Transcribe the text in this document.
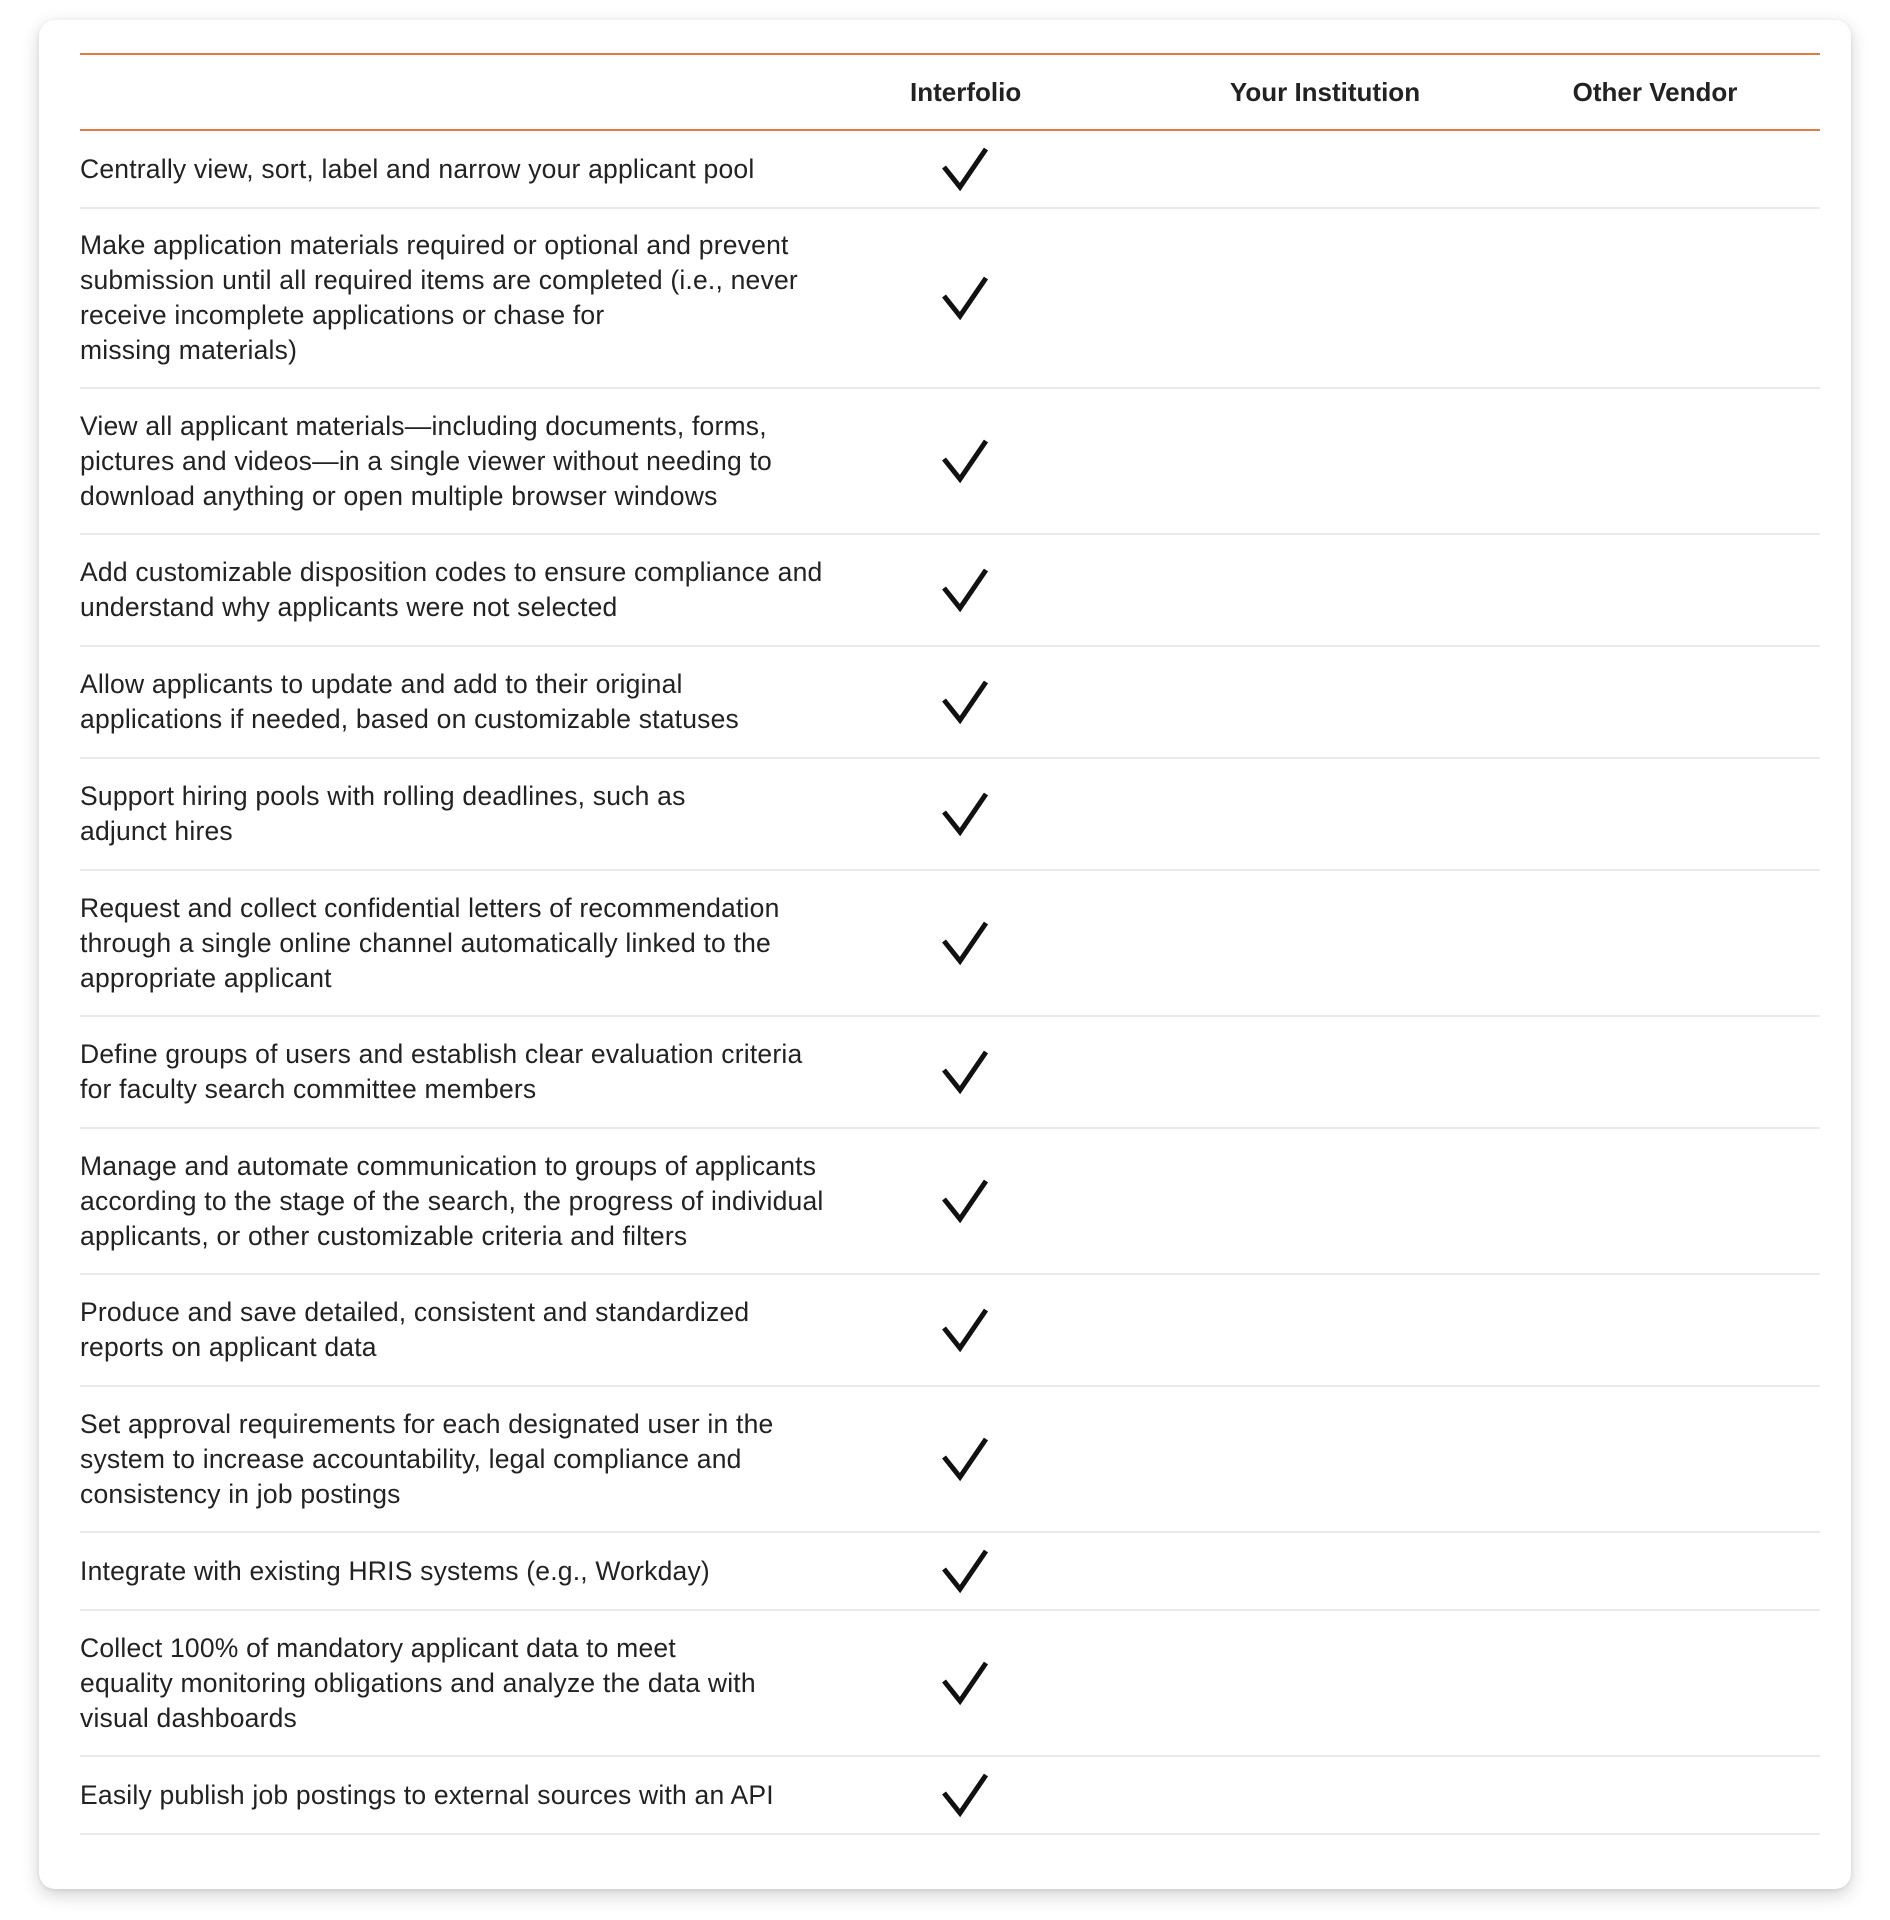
Interfolio	Your Institution	Other Vendor
Centrally view, sort, label and narrow your applicant pool
Make application materials required or optional and prevent
submission until all required items are completed (i.e., never
receive incomplete applications or chase for
missing materials)
View all applicant materials—including documents, forms,
pictures and videos—in a single viewer without needing to
download anything or open multiple browser windows
Add customizable disposition codes to ensure compliance and
understand why applicants were not selected
Allow applicants to update and add to their original
applications if needed, based on customizable statuses
Support hiring pools with rolling deadlines, such as
adjunct hires
Request and collect confidential letters of recommendation
through a single online channel automatically linked to the
appropriate applicant
Define groups of users and establish clear evaluation criteria
for faculty search committee members
Manage and automate communication to groups of applicants
according to the stage of the search, the progress of individual
applicants, or other customizable criteria and filters
Produce and save detailed, consistent and standardized
reports on applicant data
Set approval requirements for each designated user in the
system to increase accountability, legal compliance and
consistency in job postings
Integrate with existing HRIS systems (e.g., Workday)
Collect 100% of mandatory applicant data to meet
equality monitoring obligations and analyze the data with
visual dashboards
Easily publish job postings to external sources with an API
